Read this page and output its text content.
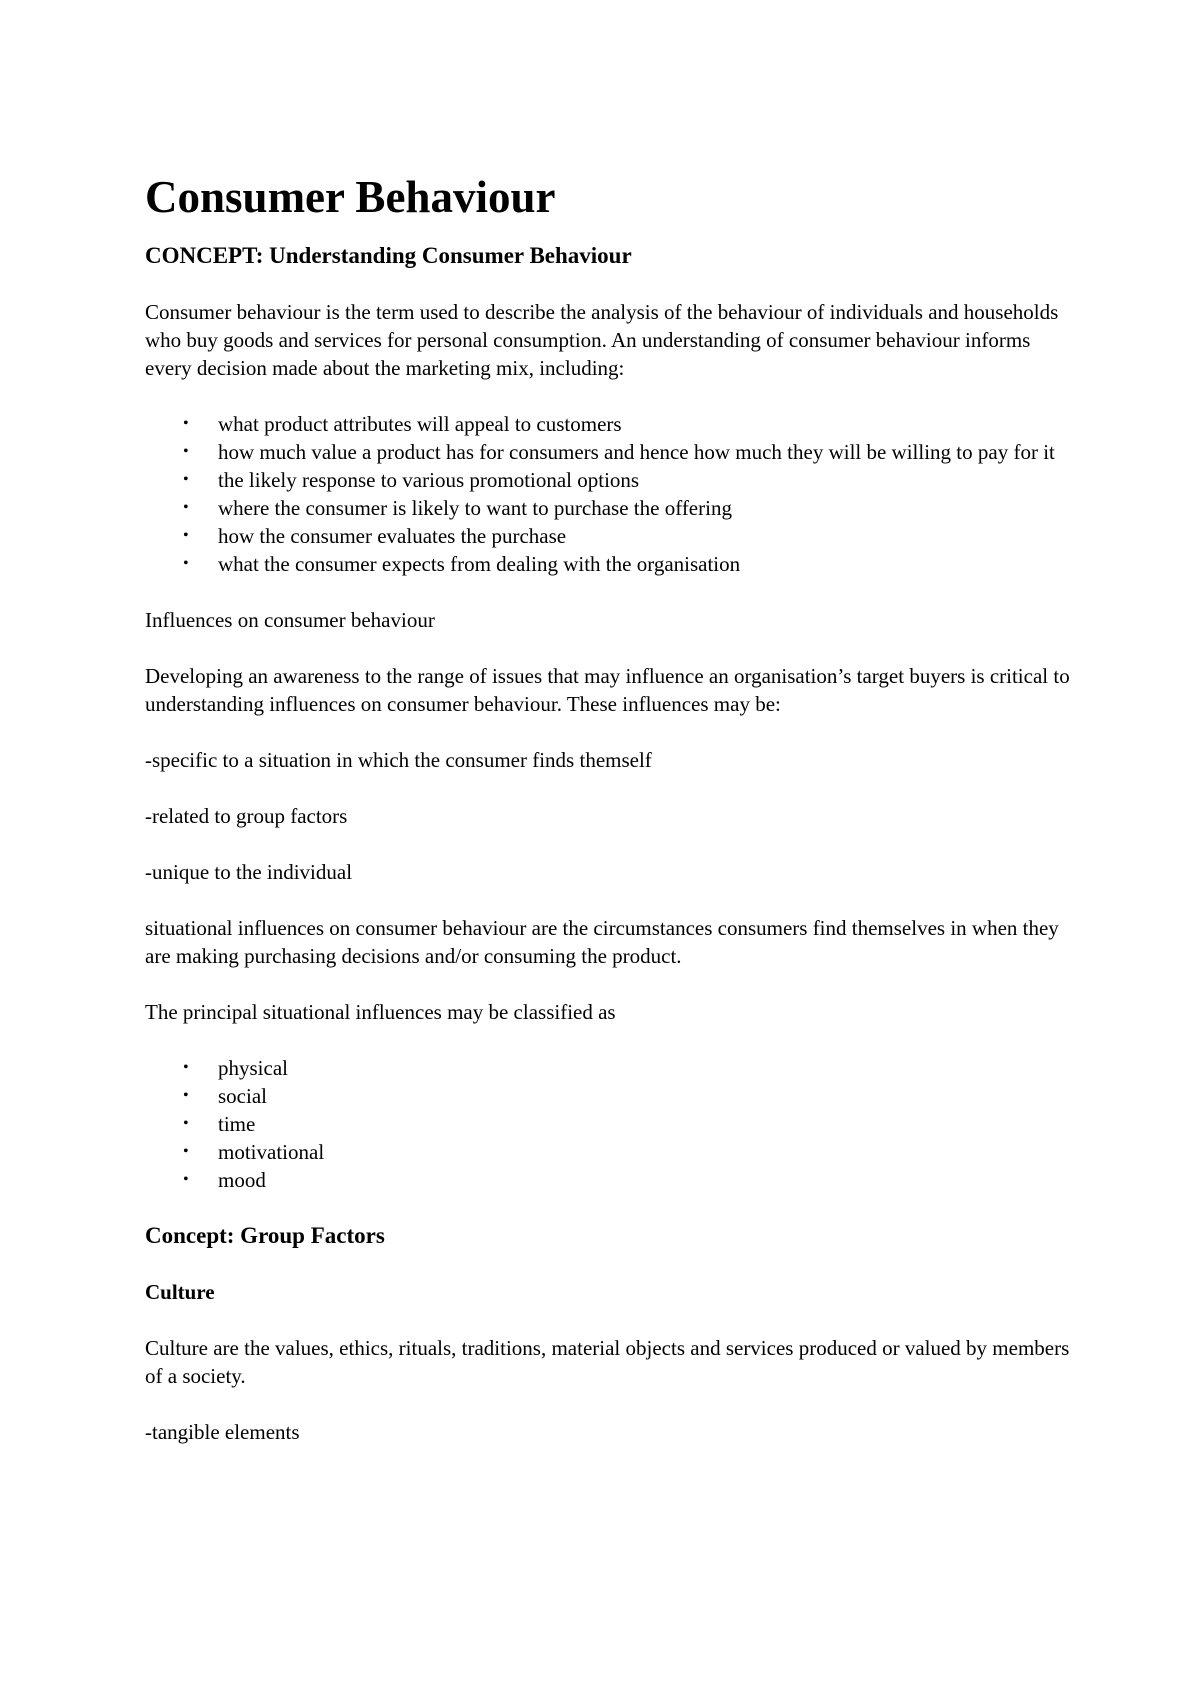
Consumer Behaviour
CONCEPT: Understanding Consumer Behaviour

Consumer behaviour is the term used to describe the analysis of the behaviour of individuals and households who buy goods and services for personal consumption. An understanding of consumer behaviour informs every decision made about the marketing mix, including:

• what product attributes will appeal to customers
• how much value a product has for consumers and hence how much they will be willing to pay for it
• the likely response to various promotional options
• where the consumer is likely to want to purchase the offering
• how the consumer evaluates the purchase
• what the consumer expects from dealing with the organisation

Influences on consumer behaviour

Developing an awareness to the range of issues that may influence an organisation’s target buyers is critical to understanding influences on consumer behaviour. These influences may be:

-specific to a situation in which the consumer finds themself

-related to group factors

-unique to the individual

situational influences on consumer behaviour are the circumstances consumers find themselves in when they are making purchasing decisions and/or consuming the product.

The principal situational influences may be classified as

• physical
• social
• time
• motivational
• mood
Concept: Group Factors
Culture

Culture are the values, ethics, rituals, traditions, material objects and services produced or valued by members of a society.

-tangible elements
